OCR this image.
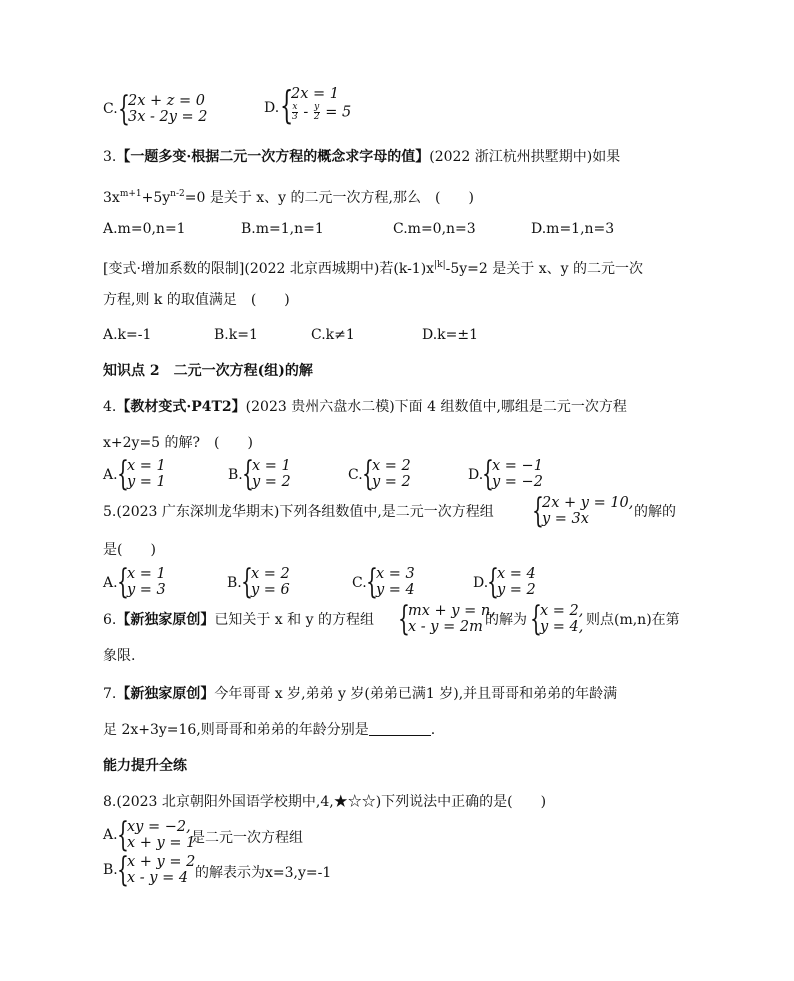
C. {
2x + z = 0
3x - 2y = 2
D. {
2x = 1
$\frac{x}{3} - \frac{y}{2} = 5$
3.【一题多变·根据二元一次方程的概念求字母的值】(2022 浙江杭州拱墅期中)如果
$3x^{m+1}+5y^{n-2}=0$ 是关于 x、y 的二元一次方程,那么　(　　)
A.m=0,n=1	B.m=1,n=1	C.m=0,n=3	D.m=1,n=3
[变式·增加系数的限制](2022 北京西城期中)若$(k-1)x^{|k|}-5y=2$ 是关于 x、y 的二元一次
方程,则 k 的取值满足　(　　)
A.k=-1	B.k=1	C.k≠1	D.k=±1
知识点 2　二元一次方程(组)的解
4.【教材变式·P4T2】(2023 贵州六盘水二模)下面 4 组数值中,哪组是二元一次方程
x+2y=5 的解?　(　　)
A. {
x = 1
y = 1	B. {
x = 1
y = 2	C. {
x = 2
y = 2	D.
{
x = −1
y = −2
5.(2023 广东深圳龙华期末)下列各组数值中,是二元一次方程组 {
2x + y = 10,
y = 3x	的解的
是(　　)
A. {
x = 1
y = 3	B. {
x = 2
y = 6	C. {
x = 3
y = 4	D.
{
x = 4
y = 2
6.【新独家原创】已知关于 x 和 y 的方程组 {
mx + y = n,
x - y = 2m 的解为 {
x = 2,
y = 4, 则点(m,n)在第
象限.
7.【新独家原创】今年哥哥 x 岁,弟弟 y 岁(弟弟已满1 岁),并且哥哥和弟弟的年龄满
足 2x+3y=16,则哥哥和弟弟的年龄分别是	.
能力提升全练
8.(2023 北京朝阳外国语学校期中,4,★☆☆)下列说法中正确的是(　　)
A. {
xy = −2,
x + y = 1
是二元一次方程组
B. {
x + y = 2
x - y = 4 的解表示为x=3,y=-1
